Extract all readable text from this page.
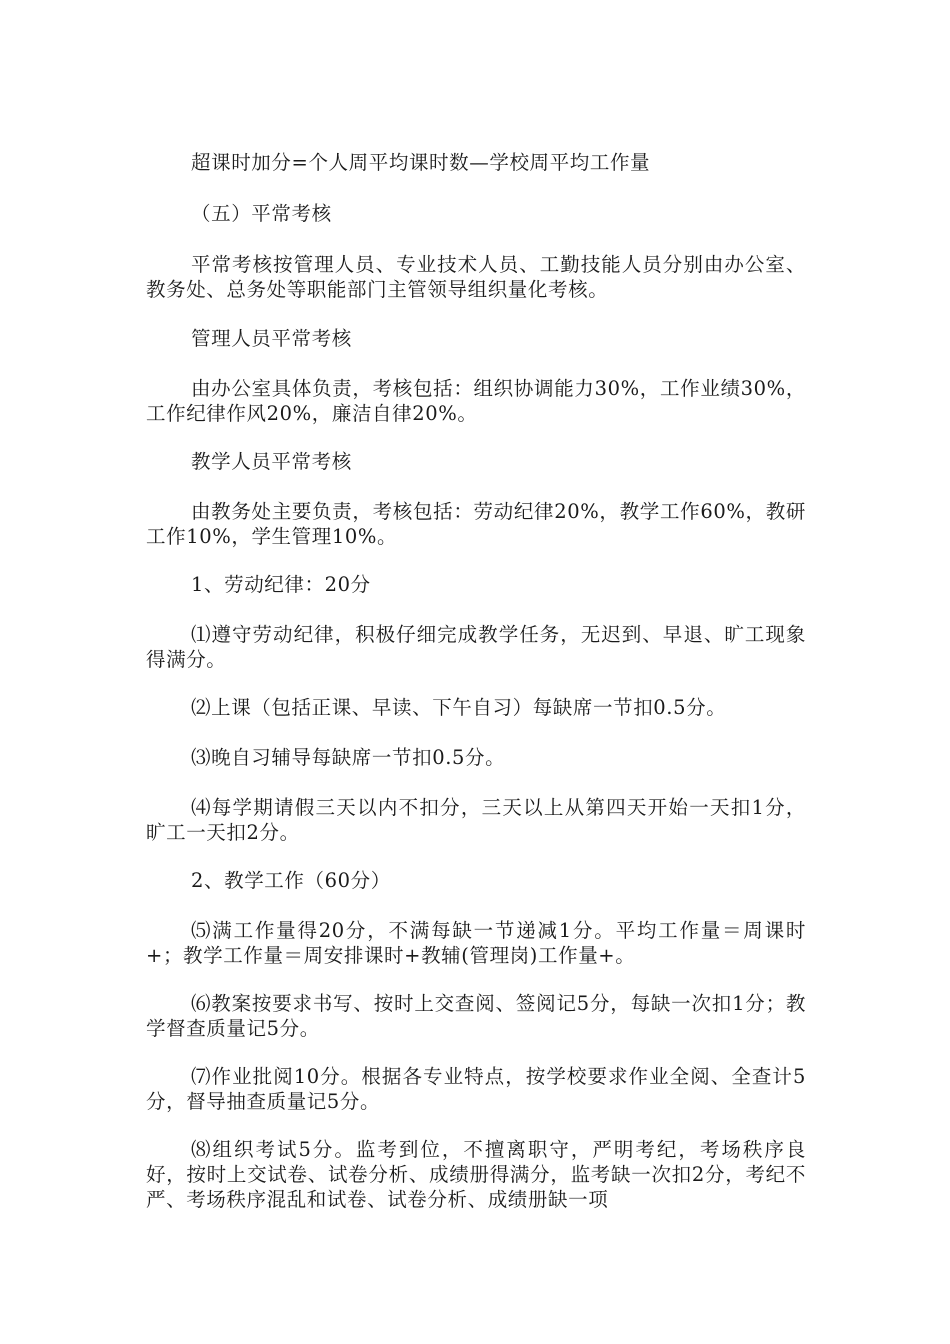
超课时加分=个人周平均课时数—学校周平均工作量

（五）平常考核

平常考核按管理人员、专业技术人员、工勤技能人员分别由办公室、教务处、总务处等职能部门主管领导组织量化考核。

管理人员平常考核

由办公室具体负责，考核包括：组织协调能力30%，工作业绩30%，工作纪律作风20%，廉洁自律20%。

教学人员平常考核

由教务处主要负责，考核包括：劳动纪律20%，教学工作60%，教研工作10%，学生管理10%。

1、劳动纪律：20分

⑴遵守劳动纪律，积极仔细完成教学任务，无迟到、早退、旷工现象得满分。

⑵上课（包括正课、早读、下午自习）每缺席一节扣0.5分。

⑶晚自习辅导每缺席一节扣0.5分。

⑷每学期请假三天以内不扣分，三天以上从第四天开始一天扣1分，旷工一天扣2分。

2、教学工作（60分）

⑸满工作量得20分，不满每缺一节递减1分。平均工作量＝周课时+；教学工作量＝周安排课时+教辅(管理岗)工作量+。

⑹教案按要求书写、按时上交查阅、签阅记5分，每缺一次扣1分；教学督查质量记5分。

⑺作业批阅10分。根据各专业特点，按学校要求作业全阅、全查计5分，督导抽查质量记5分。

⑻组织考试5分。监考到位，不擅离职守，严明考纪，考场秩序良好，按时上交试卷、试卷分析、成绩册得满分，监考缺一次扣2分，考纪不严、考场秩序混乱和试卷、试卷分析、成绩册缺一项
